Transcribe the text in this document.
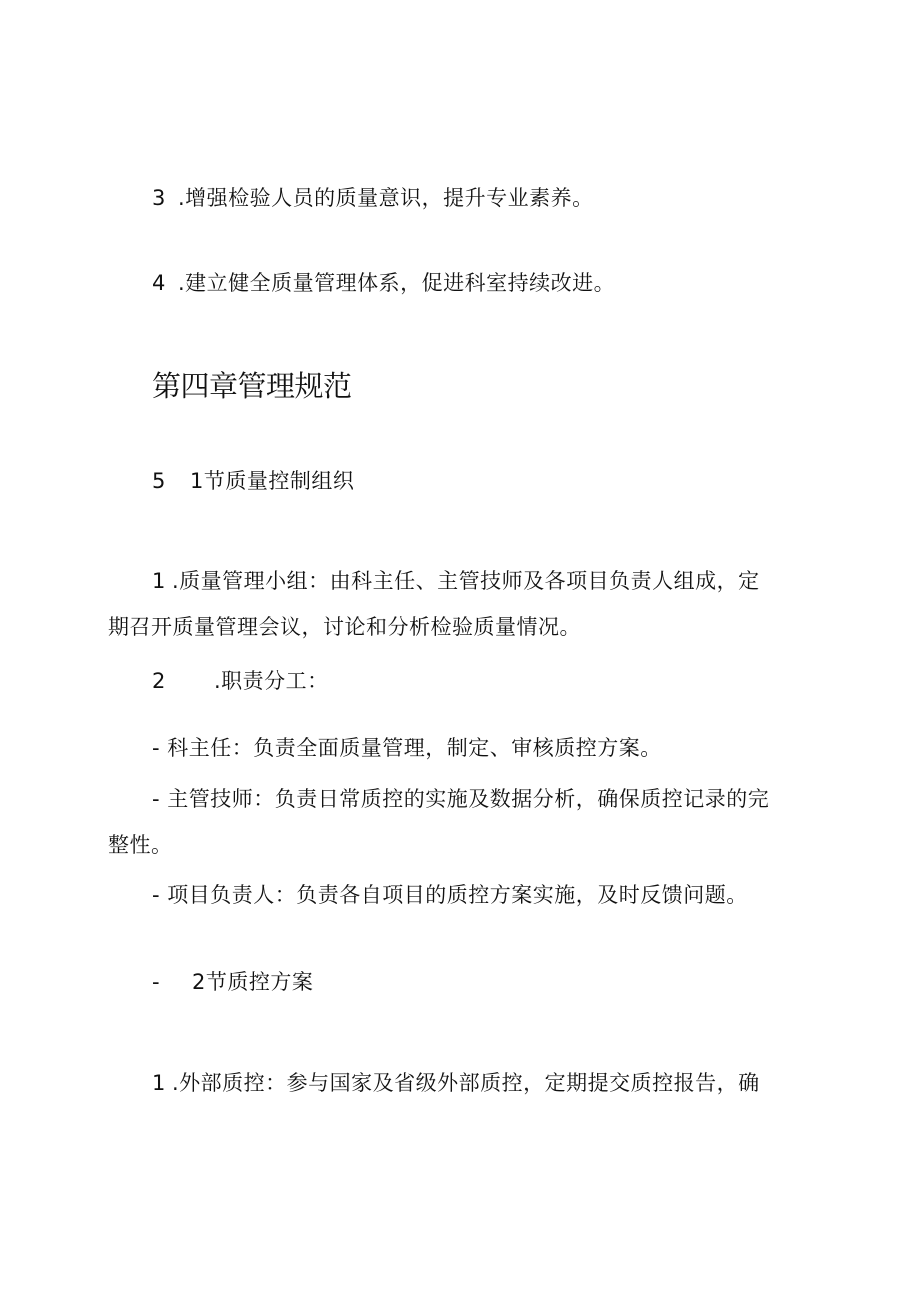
3 .增强检验人员的质量意识，提升专业素养。
4 .建立健全质量管理体系，促进科室持续改进。
第四章管理规范
5 1节质量控制组织
1 .质量管理小组：由科主任、主管技师及各项目负责人组成，定
期召开质量管理会议，讨论和分析检验质量情况。
2 .职责分工：
- 科主任：负责全面质量管理，制定、审核质控方案。
- 主管技师：负责日常质控的实施及数据分析，确保质控记录的完
整性。
- 项目负责人：负责各自项目的质控方案实施，及时反馈问题。
- 2节质控方案
1 .外部质控：参与国家及省级外部质控，定期提交质控报告，确
